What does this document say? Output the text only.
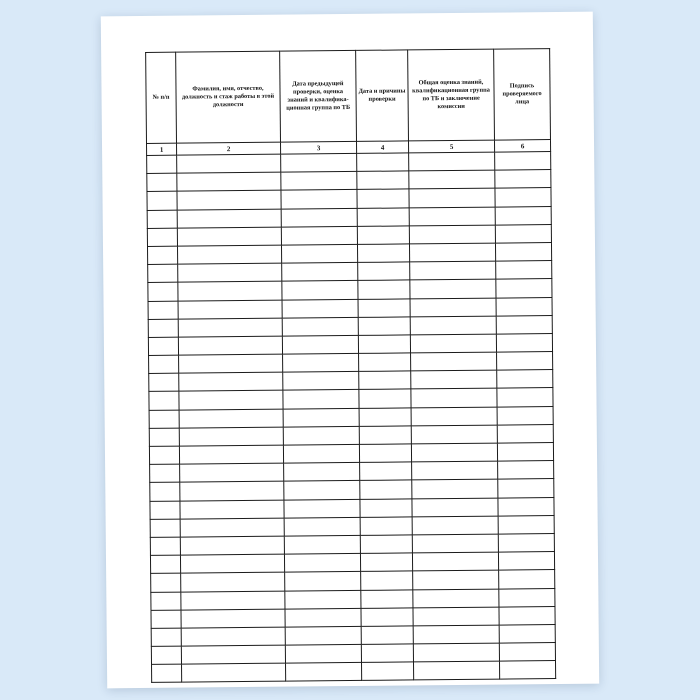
№ п/п	Фамилия, имя, отчество, должность и стаж работы в этой должности	Дата предыдущей проверки, оценка знаний и квалифика-ционная группа по ТБ	Дата и причины проверки	Общая оценка знаний, квалификационная группа по ТБ и заключение комиссии	Подпись проверяемого лица
1	2	3	4	5	6
